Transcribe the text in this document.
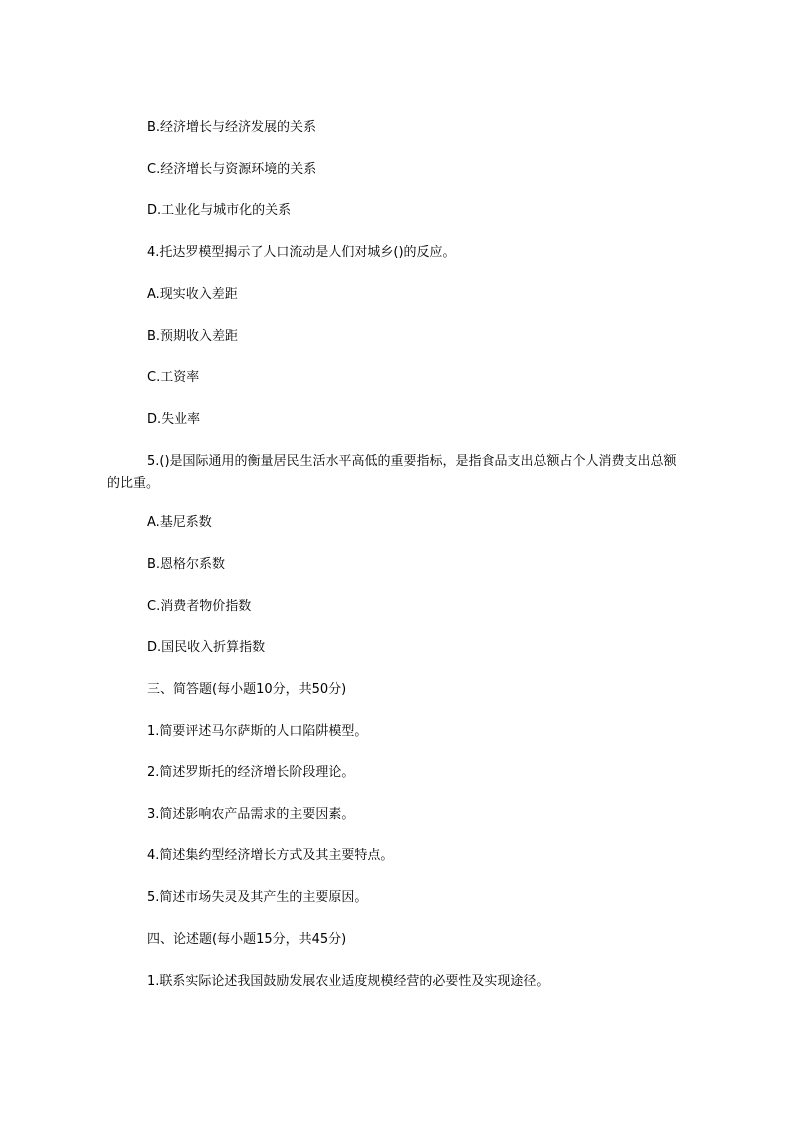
B.经济增长与经济发展的关系
C.经济增长与资源环境的关系
D.工业化与城市化的关系
4.托达罗模型揭示了人口流动是人们对城乡()的反应。
A.现实收入差距
B.预期收入差距
C.工资率
D.失业率
5.()是国际通用的衡量居民生活水平高低的重要指标，是指食品支出总额占个人消费支出总额的比重。
A.基尼系数
B.恩格尔系数
C.消费者物价指数
D.国民收入折算指数
三、简答题(每小题10分，共50分)
1.简要评述马尔萨斯的人口陷阱模型。
2.简述罗斯托的经济增长阶段理论。
3.简述影响农产品需求的主要因素。
4.简述集约型经济增长方式及其主要特点。
5.简述市场失灵及其产生的主要原因。
四、论述题(每小题15分，共45分)
1.联系实际论述我国鼓励发展农业适度规模经营的必要性及实现途径。
